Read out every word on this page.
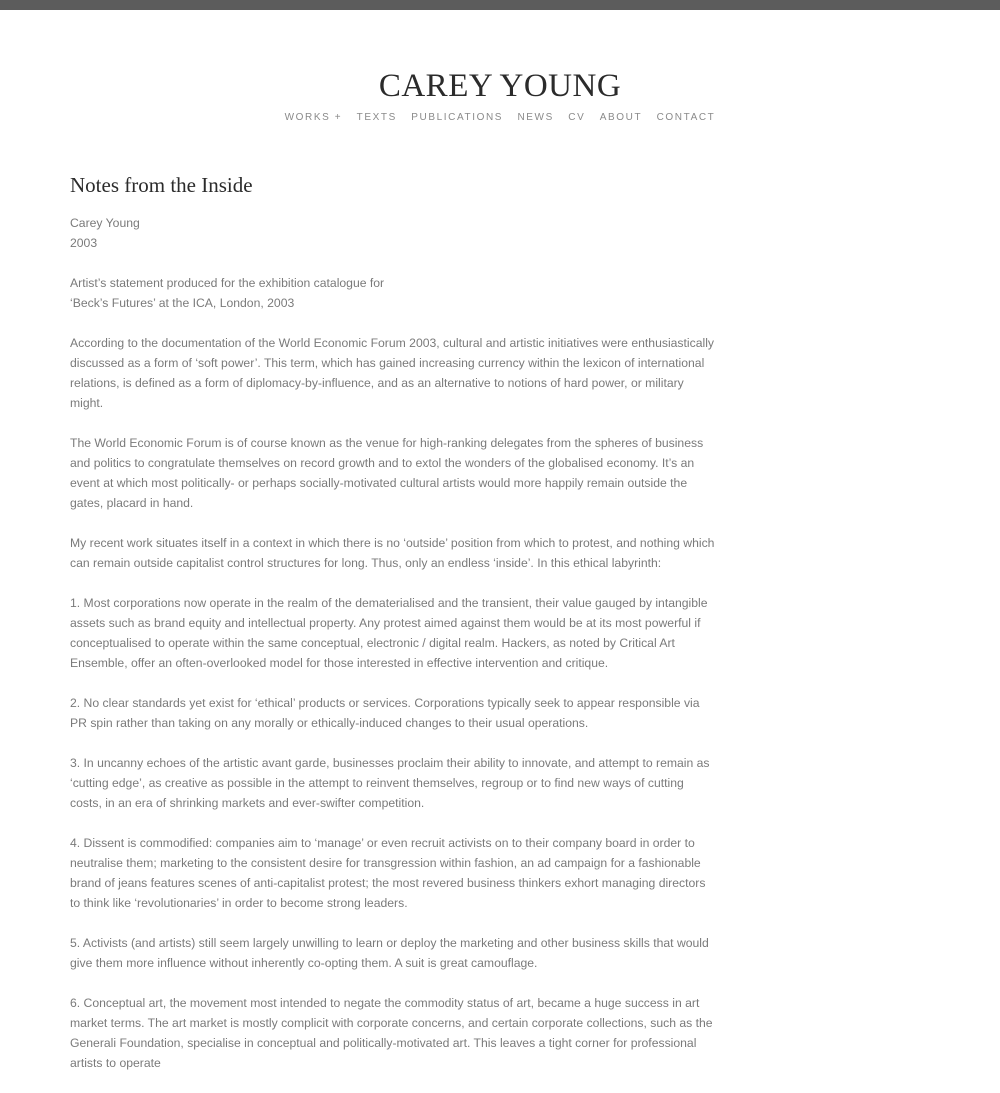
CAREY YOUNG
WORKS + TEXTS PUBLICATIONS NEWS CV ABOUT CONTACT
Notes from the Inside
Carey Young
2003
Artist’s statement produced for the exhibition catalogue for
‘Beck’s Futures’ at the ICA, London, 2003

According to the documentation of the World Economic Forum 2003, cultural and artistic initiatives were enthusiastically discussed as a form of ‘soft power’. This term, which has gained increasing currency within the lexicon of international relations, is defined as a form of diplomacy-by-influence, and as an alternative to notions of hard power, or military might.

The World Economic Forum is of course known as the venue for high-ranking delegates from the spheres of business and politics to congratulate themselves on record growth and to extol the wonders of the globalised economy. It’s an event at which most politically- or perhaps socially-motivated cultural artists would more happily remain outside the gates, placard in hand.

My recent work situates itself in a context in which there is no ‘outside’ position from which to protest, and nothing which can remain outside capitalist control structures for long. Thus, only an endless ‘inside’. In this ethical labyrinth:

1. Most corporations now operate in the realm of the dematerialised and the transient, their value gauged by intangible assets such as brand equity and intellectual property. Any protest aimed against them would be at its most powerful if conceptualised to operate within the same conceptual, electronic / digital realm. Hackers, as noted by Critical Art Ensemble, offer an often-overlooked model for those interested in effective intervention and critique.

2. No clear standards yet exist for ‘ethical’ products or services. Corporations typically seek to appear responsible via PR spin rather than taking on any morally or ethically-induced changes to their usual operations.

3. In uncanny echoes of the artistic avant garde, businesses proclaim their ability to innovate, and attempt to remain as ‘cutting edge’, as creative as possible in the attempt to reinvent themselves, regroup or to find new ways of cutting costs, in an era of shrinking markets and ever-swifter competition.

4. Dissent is commodified: companies aim to ‘manage’ or even recruit activists on to their company board in order to neutralise them; marketing to the consistent desire for transgression within fashion, an ad campaign for a fashionable brand of jeans features scenes of anti-capitalist protest; the most revered business thinkers exhort managing directors to think like ‘revolutionaries’ in order to become strong leaders.

5. Activists (and artists) still seem largely unwilling to learn or deploy the marketing and other business skills that would give them more influence without inherently co-opting them. A suit is great camouflage.

6. Conceptual art, the movement most intended to negate the commodity status of art, became a huge success in art market terms. The art market is mostly complicit with corporate concerns, and certain corporate collections, such as the Generali Foundation, specialise in conceptual and politically-motivated art. This leaves a tight corner for professional artists to operate
